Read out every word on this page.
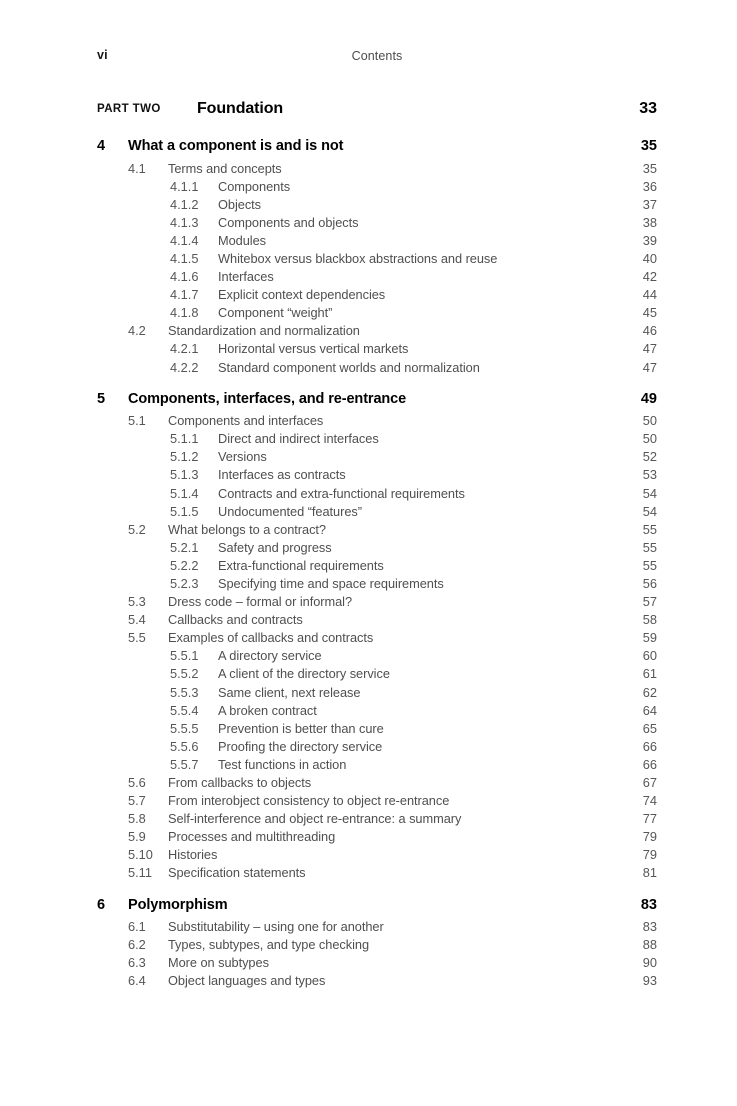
vi	Contents
PART TWO Foundation	33
4 What a component is and is not	35
4.1	Terms and concepts	35
4.1.1	Components	36
4.1.2	Objects	37
4.1.3	Components and objects	38
4.1.4	Modules	39
4.1.5	Whitebox versus blackbox abstractions and reuse	40
4.1.6	Interfaces	42
4.1.7	Explicit context dependencies	44
4.1.8	Component “weight”	45
4.2	Standardization and normalization	46
4.2.1	Horizontal versus vertical markets	47
4.2.2	Standard component worlds and normalization	47
5 Components, interfaces, and re-entrance	49
5.1	Components and interfaces	50
5.1.1	Direct and indirect interfaces	50
5.1.2	Versions	52
5.1.3	Interfaces as contracts	53
5.1.4	Contracts and extra-functional requirements	54
5.1.5	Undocumented “features”	54
5.2	What belongs to a contract?	55
5.2.1	Safety and progress	55
5.2.2	Extra-functional requirements	55
5.2.3	Specifying time and space requirements	56
5.3	Dress code – formal or informal?	57
5.4	Callbacks and contracts	58
5.5	Examples of callbacks and contracts	59
5.5.1	A directory service	60
5.5.2	A client of the directory service	61
5.5.3	Same client, next release	62
5.5.4	A broken contract	64
5.5.5	Prevention is better than cure	65
5.5.6	Proofing the directory service	66
5.5.7	Test functions in action	66
5.6	From callbacks to objects	67
5.7	From interobject consistency to object re-entrance	74
5.8	Self-interference and object re-entrance: a summary	77
5.9	Processes and multithreading	79
5.10	Histories	79
5.11	Specification statements	81
6 Polymorphism	83
6.1	Substitutability – using one for another	83
6.2	Types, subtypes, and type checking	88
6.3	More on subtypes	90
6.4	Object languages and types	93
